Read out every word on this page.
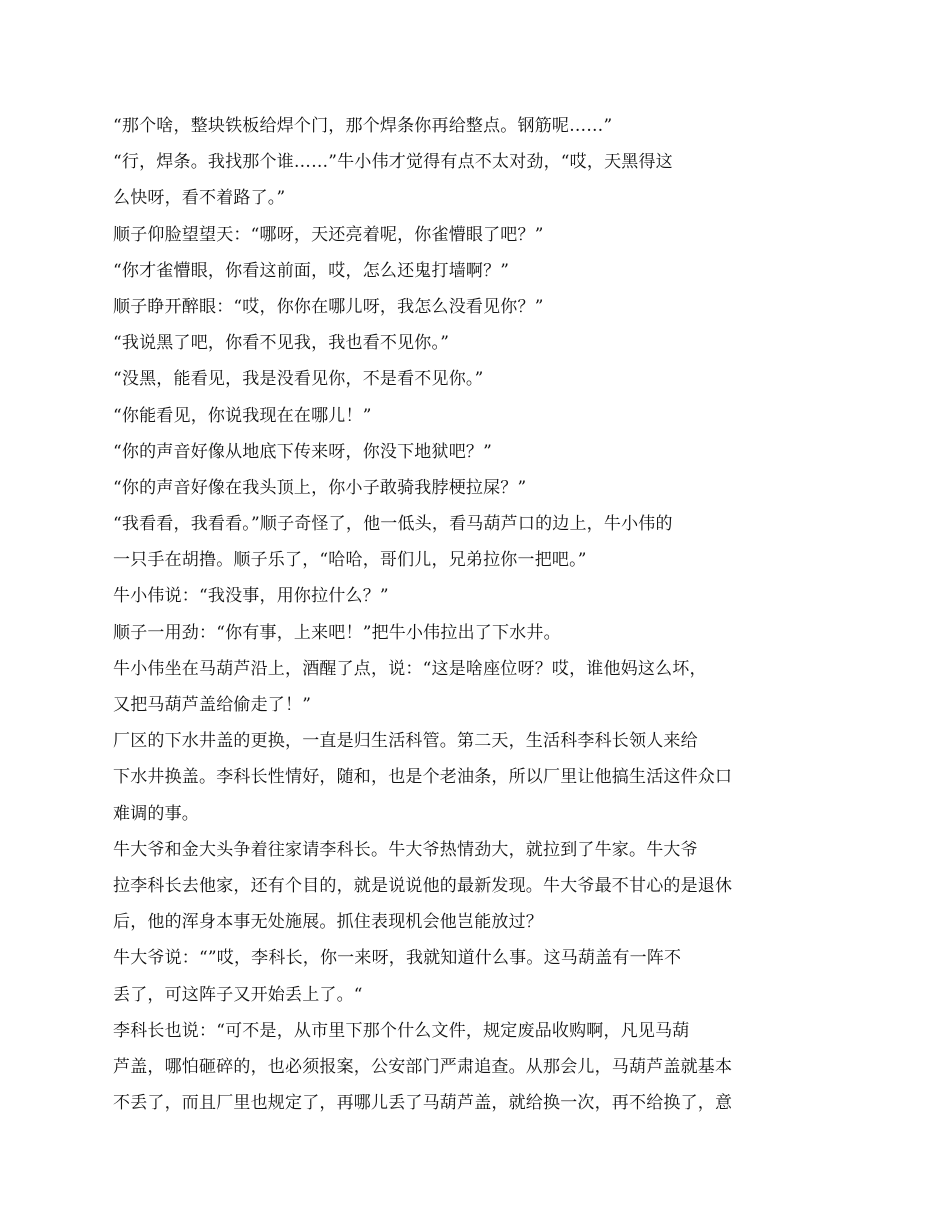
“那个啥，整块铁板给焊个门，那个焊条你再给整点。钢筋呢……”
“行，焊条。我找那个谁……”牛小伟才觉得有点不太对劲，“哎，天黑得这
么快呀，看不着路了。”
顺子仰脸望望天：“哪呀，天还亮着呢，你雀懵眼了吧？”
“你才雀懵眼，你看这前面，哎，怎么还鬼打墙啊？”
顺子睁开醉眼：“哎，你你在哪儿呀，我怎么没看见你？”
“我说黑了吧，你看不见我，我也看不见你。”
“没黑，能看见，我是没看见你，不是看不见你。”
“你能看见，你说我现在在哪儿！”
“你的声音好像从地底下传来呀，你没下地狱吧？”
“你的声音好像在我头顶上，你小子敢骑我脖梗拉屎？”
“我看看，我看看。”顺子奇怪了，他一低头，看马葫芦口的边上，牛小伟的
一只手在胡撸。顺子乐了，“哈哈，哥们儿，兄弟拉你一把吧。”
牛小伟说：“我没事，用你拉什么？”
顺子一用劲：“你有事，上来吧！”把牛小伟拉出了下水井。
牛小伟坐在马葫芦沿上，酒醒了点，说：“这是啥座位呀？哎，谁他妈这么坏，
又把马葫芦盖给偷走了！”
厂区的下水井盖的更换，一直是归生活科管。第二天，生活科李科长领人来给
下水井换盖。李科长性情好，随和，也是个老油条，所以厂里让他搞生活这件众口
难调的事。
牛大爷和金大头争着往家请李科长。牛大爷热情劲大，就拉到了牛家。牛大爷
拉李科长去他家，还有个目的，就是说说他的最新发现。牛大爷最不甘心的是退休
后，他的浑身本事无处施展。抓住表现机会他岂能放过？
牛大爷说：“”哎，李科长，你一来呀，我就知道什么事。这马葫盖有一阵不
丢了，可这阵子又开始丢上了。“
李科长也说：“可不是，从市里下那个什么文件，规定废品收购啊，凡见马葫
芦盖，哪怕砸碎的，也必须报案，公安部门严肃追查。从那会儿，马葫芦盖就基本
不丢了，而且厂里也规定了，再哪儿丢了马葫芦盖，就给换一次，再不给换了，意
